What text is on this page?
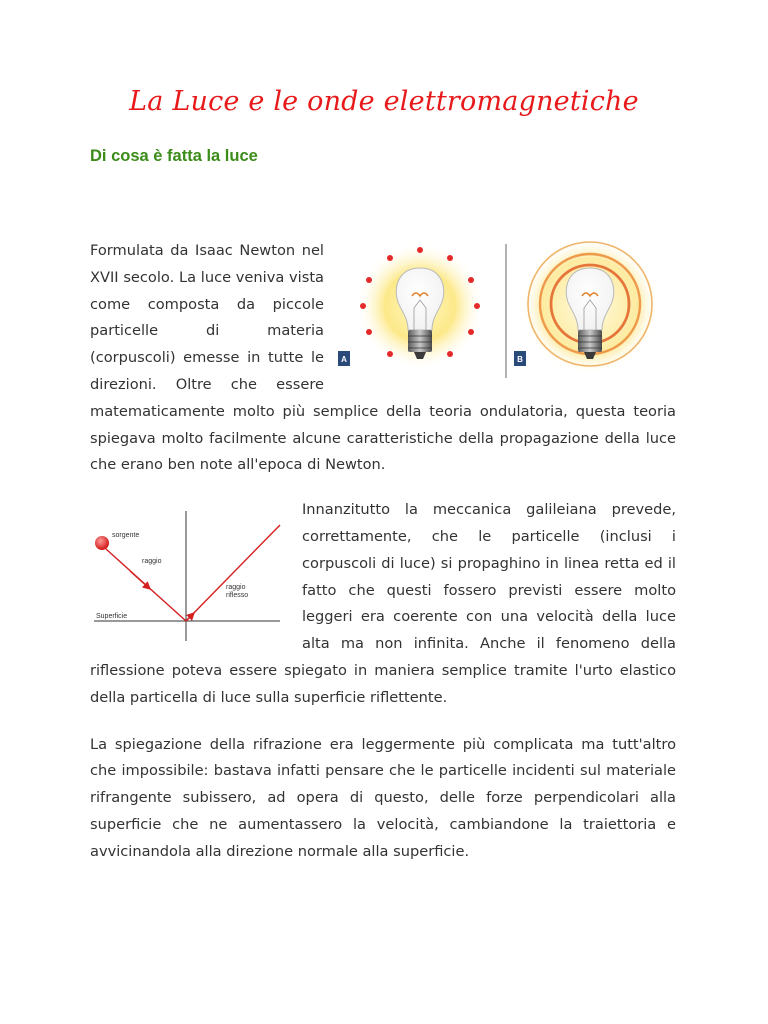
La Luce e le onde elettromagnetiche
Di cosa è fatta la luce
A	B

Formulata da Isaac Newton nel XVII secolo. La luce veniva vista come composta da piccole particelle di materia (corpuscoli) emesse in tutte le direzioni. Oltre che essere matematicamente molto più semplice della teoria ondulatoria, questa teoria spiegava molto facilmente alcune caratteristiche della propagazione della luce che erano ben note all'epoca di Newton.

sorgente
raggio
raggio
riflesso
Superficie

Innanzitutto la meccanica galileiana prevede, correttamente, che le particelle (inclusi i corpuscoli di luce) si propaghino in linea retta ed il fatto che questi fossero previsti essere molto leggeri era coerente con una velocità della luce alta ma non infinita. Anche il fenomeno della riflessione poteva essere spiegato in maniera semplice tramite l'urto elastico della particella di luce sulla superficie riflettente.

La spiegazione della rifrazione era leggermente più complicata ma tutt'altro che impossibile: bastava infatti pensare che le particelle incidenti sul materiale rifrangente subissero, ad opera di questo, delle forze perpendicolari alla superficie che ne aumentassero la velocità, cambiandone la traiettoria e avvicinandola alla direzione normale alla superficie.
